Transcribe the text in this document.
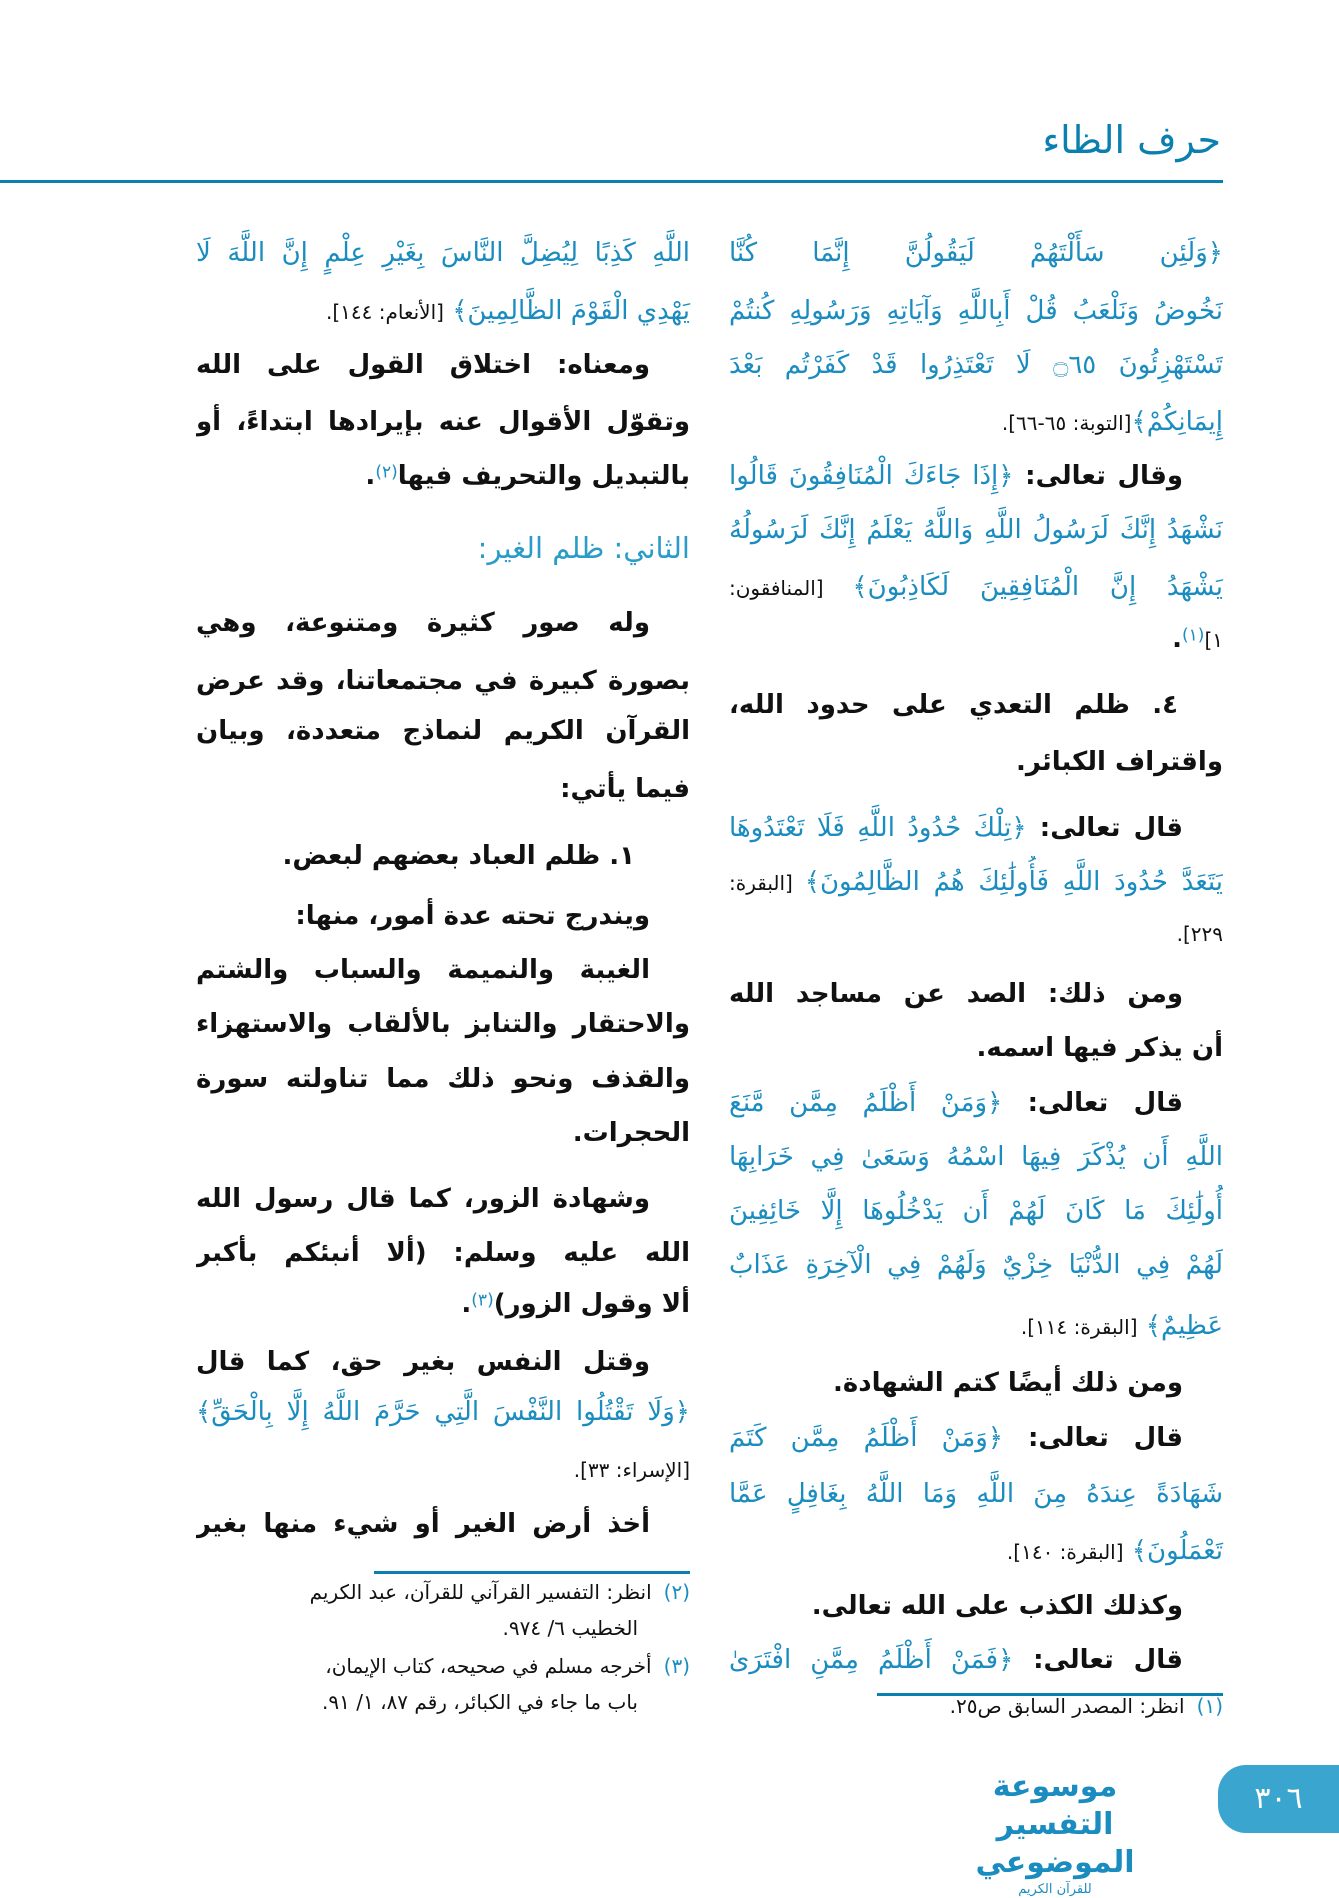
حرف الظاء
﴿وَلَئِن سَأَلْتَهُمْ لَيَقُولُنَّ إِنَّمَا كُنَّا
نَخُوضُ وَنَلْعَبُ قُلْ أَبِاللَّهِ وَآيَاتِهِ وَرَسُولِهِ كُنتُمْ
تَسْتَهْزِئُونَ ۝٦٥ لَا تَعْتَذِرُوا قَدْ كَفَرْتُم بَعْدَ
إِيمَانِكُمْ﴾[التوبة: ٦٥-٦٦].
وقال تعالى: ﴿إِذَا جَاءَكَ الْمُنَافِقُونَ قَالُوا
نَشْهَدُ إِنَّكَ لَرَسُولُ اللَّهِ وَاللَّهُ يَعْلَمُ إِنَّكَ لَرَسُولُهُ
يَشْهَدُ إِنَّ الْمُنَافِقِينَ لَكَاذِبُونَ﴾ [المنافقون:
١](١).
٤. ظلم التعدي على حدود الله،
واقتراف الكبائر.
قال تعالى: ﴿تِلْكَ حُدُودُ اللَّهِ فَلَا تَعْتَدُوهَا
يَتَعَدَّ حُدُودَ اللَّهِ فَأُولَٰئِكَ هُمُ الظَّالِمُونَ﴾ [البقرة:
٢٢٩].
ومن ذلك: الصد عن مساجد الله
أن يذكر فيها اسمه.
قال تعالى: ﴿وَمَنْ أَظْلَمُ مِمَّن مَّنَعَ
اللَّهِ أَن يُذْكَرَ فِيهَا اسْمُهُ وَسَعَىٰ فِي خَرَابِهَا
أُولَٰئِكَ مَا كَانَ لَهُمْ أَن يَدْخُلُوهَا إِلَّا خَائِفِينَ
لَهُمْ فِي الدُّنْيَا خِزْيٌ وَلَهُمْ فِي الْآخِرَةِ عَذَابٌ
عَظِيمٌ﴾ [البقرة: ١١٤].
ومن ذلك أيضًا كتم الشهادة.
قال تعالى: ﴿وَمَنْ أَظْلَمُ مِمَّن كَتَمَ
شَهَادَةً عِندَهُ مِنَ اللَّهِ وَمَا اللَّهُ بِغَافِلٍ عَمَّا
تَعْمَلُونَ﴾ [البقرة: ١٤٠].
وكذلك الكذب على الله تعالى.
قال تعالى: ﴿فَمَنْ أَظْلَمُ مِمَّنِ افْتَرَىٰ
(١)انظر: المصدر السابق ص٢٥.
اللَّهِ كَذِبًا لِيُضِلَّ النَّاسَ بِغَيْرِ عِلْمٍ إِنَّ اللَّهَ لَا
يَهْدِي الْقَوْمَ الظَّالِمِينَ﴾ [الأنعام: ١٤٤].
ومعناه: اختلاق القول على الله
وتقوّل الأقوال عنه بإيرادها ابتداءً، أو
بالتبديل والتحريف فيها(٢).
الثاني: ظلم الغير:
وله صور كثيرة ومتنوعة، وهي
بصورة كبيرة في مجتمعاتنا، وقد عرض
القرآن الكريم لنماذج متعددة، وبيان
فيما يأتي:
١. ظلم العباد بعضهم لبعض.
ويندرج تحته عدة أمور، منها:
الغيبة والنميمة والسباب والشتم
والاحتقار والتنابز بالألقاب والاستهزاء
والقذف ونحو ذلك مما تناولته سورة
الحجرات.
وشهادة الزور، كما قال رسول الله
الله عليه وسلم: (ألا أنبئكم بأكبر
ألا وقول الزور)(٣).
وقتل النفس بغير حق، كما قال
﴿وَلَا تَقْتُلُوا النَّفْسَ الَّتِي حَرَّمَ اللَّهُ إِلَّا بِالْحَقِّ﴾
[الإسراء: ٣٣].
أخذ أرض الغير أو شيء منها بغير
(٢)انظر: التفسير القرآني للقرآن، عبد الكريم
الخطيب ٦/ ٩٧٤.
(٣)أخرجه مسلم في صحيحه، كتاب الإيمان،
باب ما جاء في الكبائر، رقم ٨٧، ١/ ٩١.
موسوعة التفسير الموضوعي
للقرآن الكريم
٣٠٦
